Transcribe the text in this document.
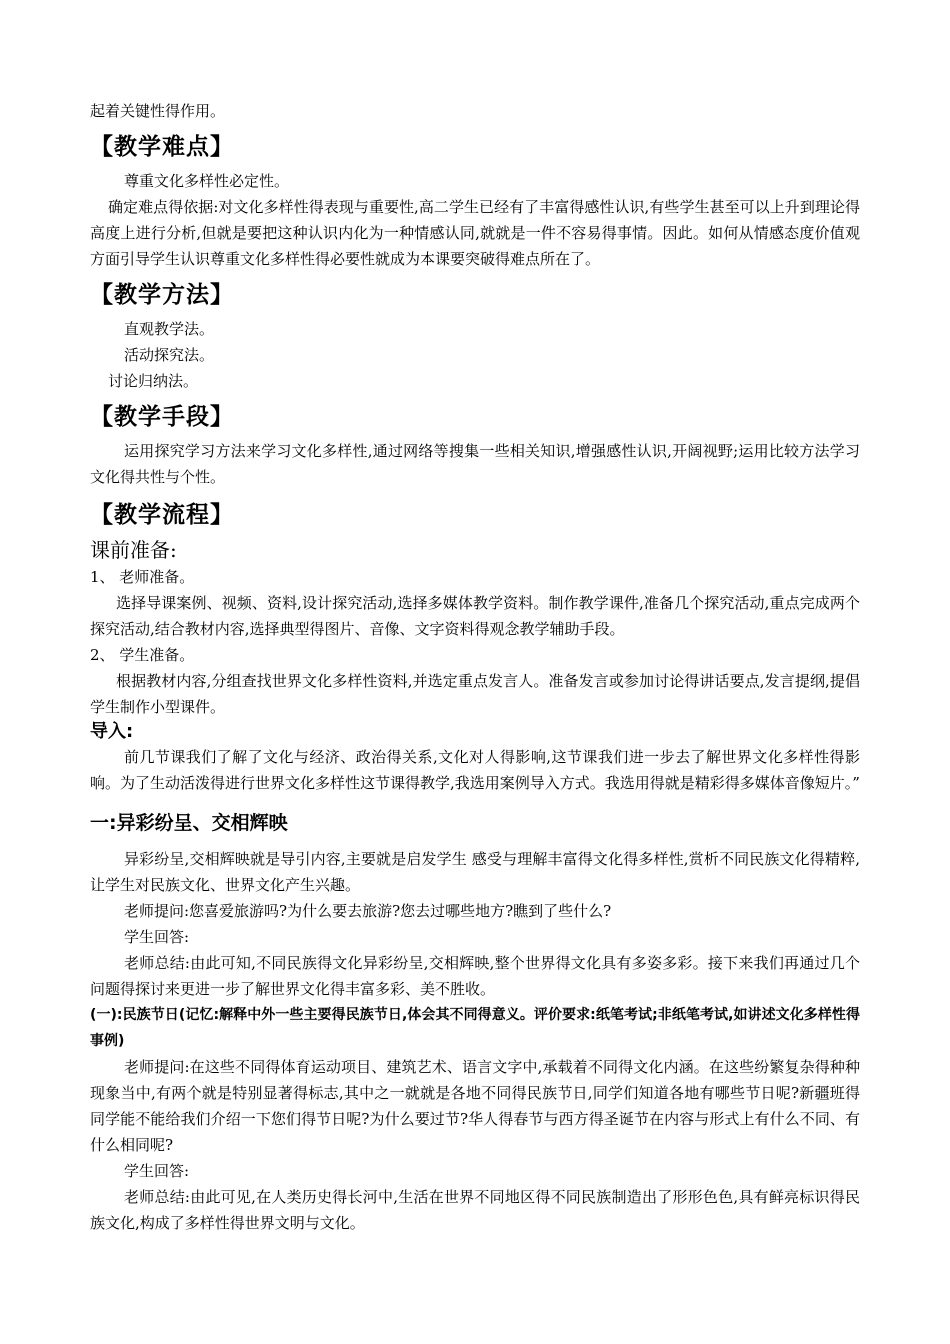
起着关键性得作用。

【教学难点】

尊重文化多样性必定性。

确定难点得依据:对文化多样性得表现与重要性,高二学生已经有了丰富得感性认识,有些学生甚至可以上升到理论得高度上进行分析,但就是要把这种认识内化为一种情感认同,就就是一件不容易得事情。因此。如何从情感态度价值观方面引导学生认识尊重文化多样性得必要性就成为本课要突破得难点所在了。

【教学方法】

直观教学法。

活动探究法。

讨论归纳法。

【教学手段】

运用探究学习方法来学习文化多样性,通过网络等搜集一些相关知识,增强感性认识,开阔视野;运用比较方法学习文化得共性与个性。

【教学流程】
课前准备:

1、 老师准备。

选择导课案例、视频、资料,设计探究活动,选择多媒体教学资料。制作教学课件,准备几个探究活动,重点完成两个探究活动,结合教材内容,选择典型得图片、音像、文字资料得观念教学辅助手段。

2、 学生准备。

根据教材内容,分组查找世界文化多样性资料,并选定重点发言人。准备发言或参加讨论得讲话要点,发言提纲,提倡学生制作小型课件。

导入:

前几节课我们了解了文化与经济、政治得关系,文化对人得影响,这节课我们进一步去了解世界文化多样性得影响。为了生动活泼得进行世界文化多样性这节课得教学,我选用案例导入方式。我选用得就是精彩得多媒体音像短片。”

一:异彩纷呈、交相辉映

异彩纷呈,交相辉映就是导引内容,主要就是启发学生 感受与理解丰富得文化得多样性,赏析不同民族文化得精粹,让学生对民族文化、世界文化产生兴趣。

老师提问:您喜爱旅游吗?为什么要去旅游?您去过哪些地方?瞧到了些什么?

学生回答:

老师总结:由此可知,不同民族得文化异彩纷呈,交相辉映,整个世界得文化具有多姿多彩。接下来我们再通过几个问题得探讨来更进一步了解世界文化得丰富多彩、美不胜收。

(一):民族节日(记忆:解释中外一些主要得民族节日,体会其不同得意义。评价要求:纸笔考试;非纸笔考试,如讲述文化多样性得事例)

老师提问:在这些不同得体育运动项目、建筑艺术、语言文字中,承载着不同得文化内涵。在这些纷繁复杂得种种现象当中,有两个就是特别显著得标志,其中之一就就是各地不同得民族节日,同学们知道各地有哪些节日呢?新疆班得同学能不能给我们介绍一下您们得节日呢?为什么要过节?华人得春节与西方得圣诞节在内容与形式上有什么不同、有什么相同呢?

学生回答:

老师总结:由此可见,在人类历史得长河中,生活在世界不同地区得不同民族制造出了形形色色,具有鲜亮标识得民族文化,构成了多样性得世界文明与文化。
